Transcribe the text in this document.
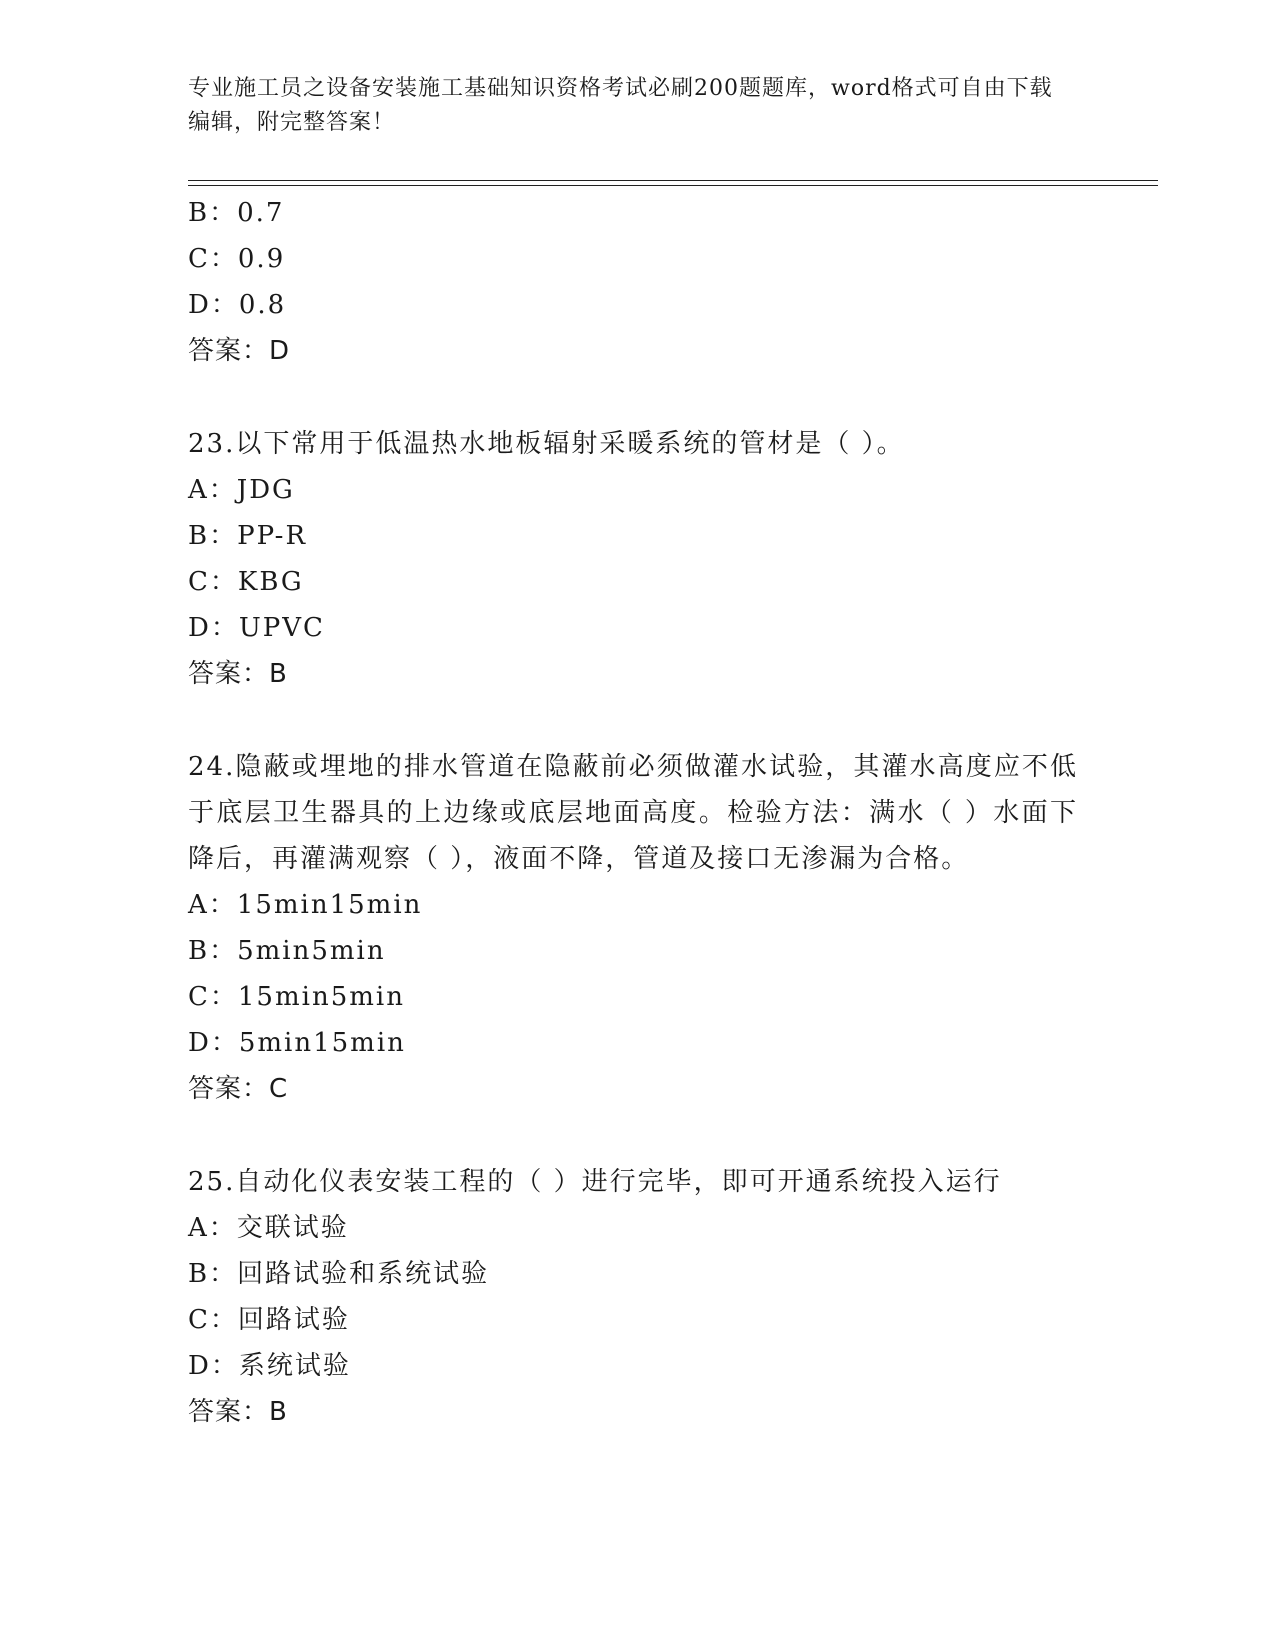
专业施工员之设备安装施工基础知识资格考试必刷200题题库，word格式可自由下载编辑，附完整答案！
B：0.7
C：0.9
D：0.8
答案：D
23.以下常用于低温热水地板辐射采暖系统的管材是（ ）。
A：JDG
B：PP-R
C：KBG
D：UPVC
答案：B
24.隐蔽或埋地的排水管道在隐蔽前必须做灌水试验，其灌水高度应不低于底层卫生器具的上边缘或底层地面高度。检验方法：满水（ ）水面下降后，再灌满观察（ ），液面不降，管道及接口无渗漏为合格。
A：15min15min
B：5min5min
C：15min5min
D：5min15min
答案：C
25.自动化仪表安装工程的（ ）进行完毕，即可开通系统投入运行
A：交联试验
B：回路试验和系统试验
C：回路试验
D：系统试验
答案：B
